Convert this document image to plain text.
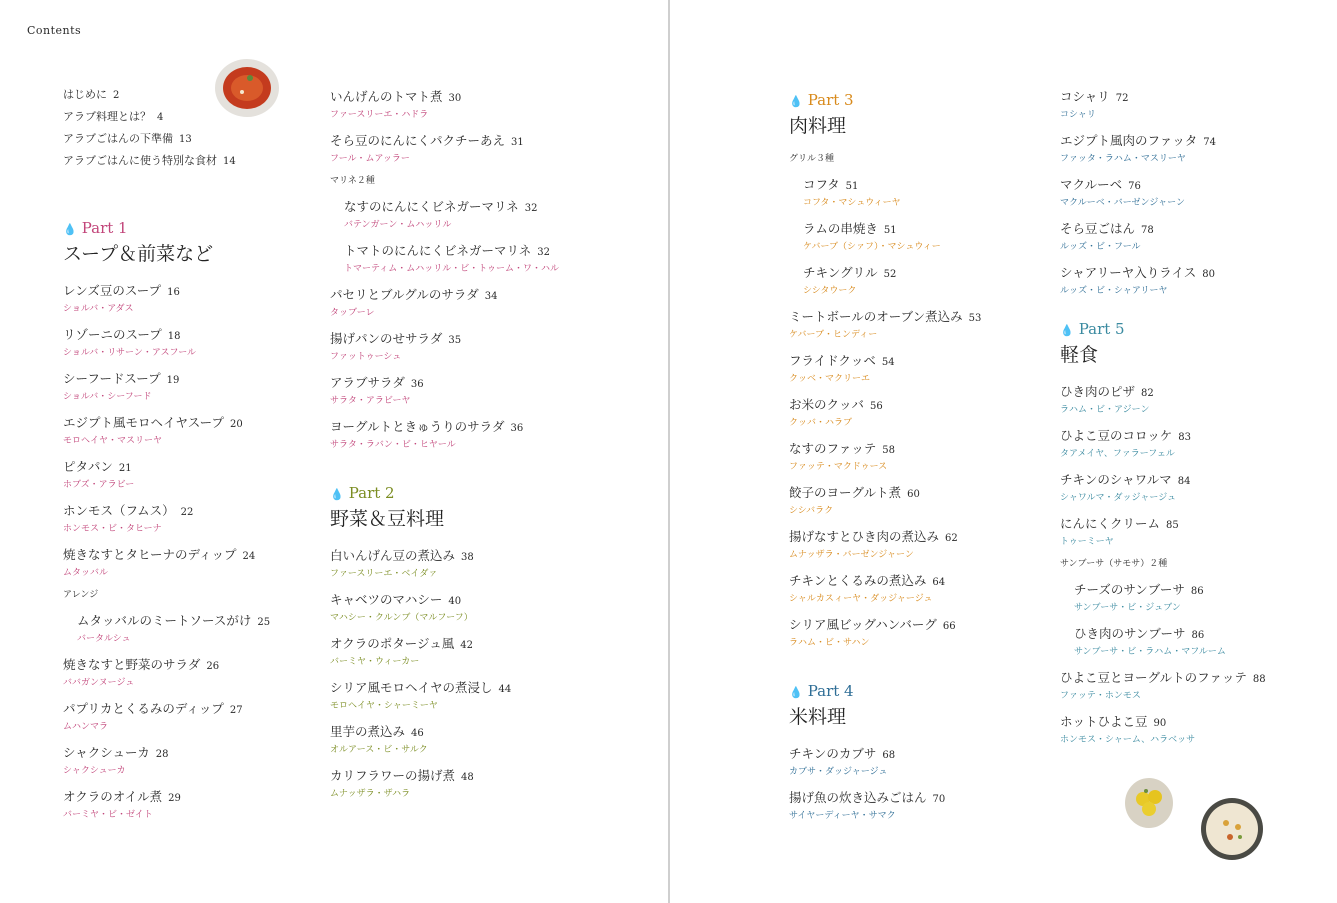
Contents
はじめに 2
アラブ料理とは？ 4
アラブごはんの下準備 13
アラブごはんに使う特別な食材 14
💧 Part 1
スープ＆前菜など
レンズ豆のスープ 16
ショルバ・アダス
リゾーニのスープ 18
ショルバ・リサーン・アスフール
シーフードスープ 19
ショルバ・シーフード
エジプト風モロヘイヤスープ 20
モロヘイヤ・マスリーヤ
ピタパン 21
ホブズ・アラビー
ホンモス（フムス） 22
ホンモス・ビ・タヒーナ
焼きなすとタヒーナのディップ 24
ムタッバル
アレンジ
ムタッバルのミートソースがけ 25
バータルシュ
焼きなすと野菜のサラダ 26
ババガンヌージュ
パプリカとくるみのディップ 27
ムハンマラ
シャクシューカ 28
シャクシューカ
オクラのオイル煮 29
バーミヤ・ビ・ゼイト
いんげんのトマト煮 30
ファースリーエ・ハドラ
そら豆のにんにくパクチーあえ 31
フール・ムアッラー
マリネ２種
なすのにんにくビネガーマリネ 32
バテンガーン・ムハッリル
トマトのにんにくビネガーマリネ 32
トマーティム・ムハッリル・ビ・トゥーム・ワ・ハル
パセリとブルグルのサラダ 34
タッブーレ
揚げパンのせサラダ 35
ファットゥーシュ
アラブサラダ 36
サラタ・アラビーヤ
ヨーグルトときゅうりのサラダ 36
サラタ・ラバン・ビ・ヒヤール
💧 Part 2
野菜＆豆料理
白いんげん豆の煮込み 38
ファースリーエ・ベイダァ
キャベツのマハシー 40
マハシー・クルンブ（マルフーフ）
オクラのポタージュ風 42
バーミヤ・ウィーカー
シリア風モロヘイヤの煮浸し 44
モロヘイヤ・シャーミーヤ
里芋の煮込み 46
オルアース・ビ・サルク
カリフラワーの揚げ煮 48
ムナッザラ・ザハラ
💧 Part 3
肉料理
グリル３種
コフタ 51
コフタ・マシュウィーヤ
ラムの串焼き 51
ケバーブ（シァフ）・マシュウィー
チキングリル 52
シシタウーク
ミートボールのオーブン煮込み 53
ケバーブ・ヒンディー
フライドクッベ 54
クッベ・マクリーエ
お米のクッバ 56
クッバ・ハラブ
なすのファッテ 58
ファッテ・マクドゥース
餃子のヨーグルト煮 60
シシバラク
揚げなすとひき肉の煮込み 62
ムナッザラ・バーゼンジャーン
チキンとくるみの煮込み 64
シャルカスィーヤ・ダッジャージュ
シリア風ビッグハンバーグ 66
ラハム・ビ・サハン
💧 Part 4
米料理
チキンのカブサ 68
カブサ・ダッジャージュ
揚げ魚の炊き込みごはん 70
サイヤーディーヤ・サマク
コシャリ 72
コシャリ
エジプト風肉のファッタ 74
ファッタ・ラハム・マスリーヤ
マクルーベ 76
マクルーベ・バーゼンジャーン
そら豆ごはん 78
ルッズ・ビ・フール
シャアリーヤ入りライス 80
ルッズ・ビ・シャアリーヤ
💧 Part 5
軽食
ひき肉のピザ 82
ラハム・ビ・アジーン
ひよこ豆のコロッケ 83
タアメイヤ、ファラーフェル
チキンのシャワルマ 84
シャワルマ・ダッジャージュ
にんにくクリーム 85
トゥーミーヤ
サンブーサ（サモサ）２種
チーズのサンブーサ 86
サンブーサ・ビ・ジュブン
ひき肉のサンブーサ 86
サンブーサ・ビ・ラハム・マフルーム
ひよこ豆とヨーグルトのファッテ 88
ファッテ・ホンモス
ホットひよこ豆 90
ホンモス・シャーム、ハラベッサ
